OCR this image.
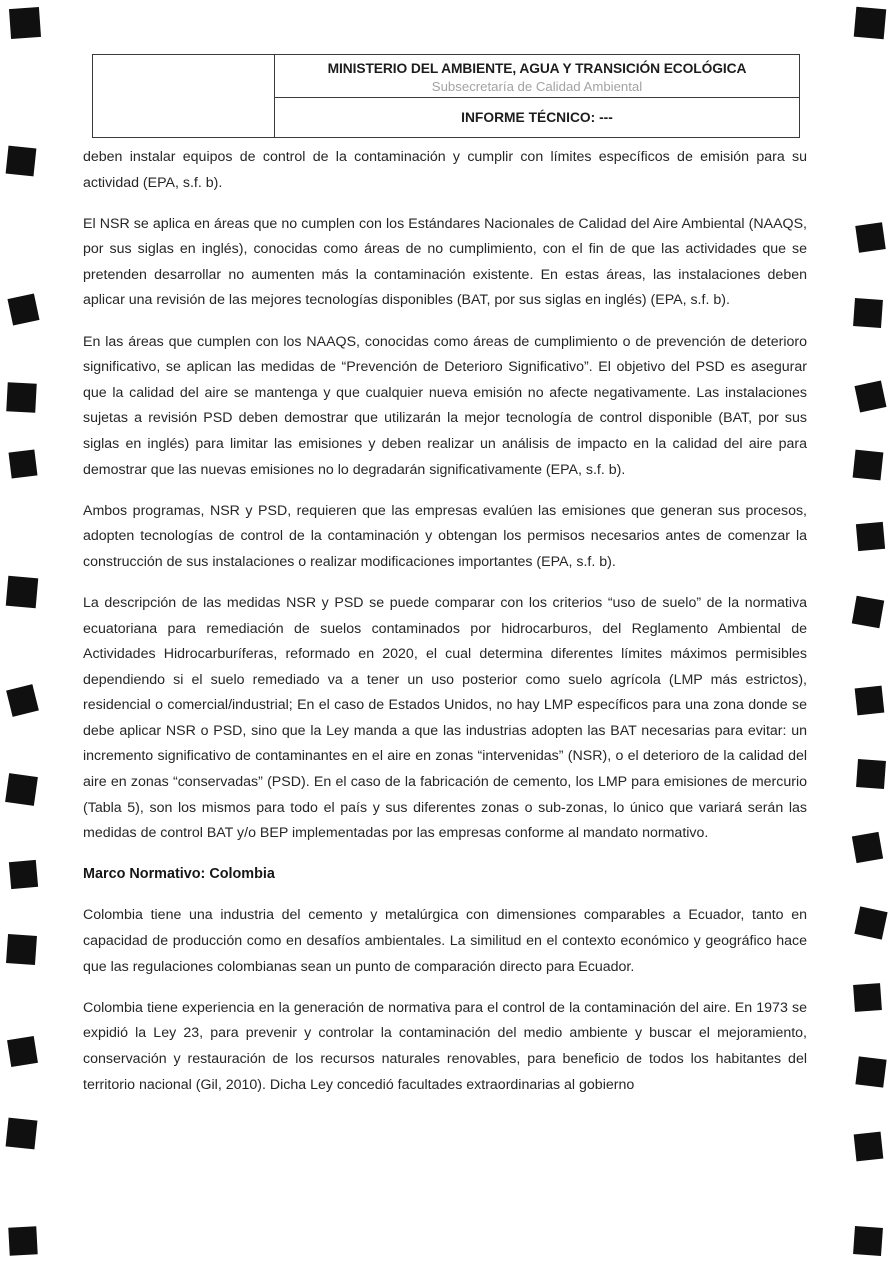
MINISTERIO DEL AMBIENTE, AGUA Y TRANSICIÓN ECOLÓGICA
Subsecretaría de Calidad Ambiental
INFORME TÉCNICO: ---

deben instalar equipos de control de la contaminación y cumplir con límites específicos de emisión para su actividad (EPA, s.f. b).

El NSR se aplica en áreas que no cumplen con los Estándares Nacionales de Calidad del Aire Ambiental (NAAQS, por sus siglas en inglés), conocidas como áreas de no cumplimiento, con el fin de que las actividades que se pretenden desarrollar no aumenten más la contaminación existente. En estas áreas, las instalaciones deben aplicar una revisión de las mejores tecnologías disponibles (BAT, por sus siglas en inglés) (EPA, s.f. b).

En las áreas que cumplen con los NAAQS, conocidas como áreas de cumplimiento o de prevención de deterioro significativo, se aplican las medidas de “Prevención de Deterioro Significativo”. El objetivo del PSD es asegurar que la calidad del aire se mantenga y que cualquier nueva emisión no afecte negativamente. Las instalaciones sujetas a revisión PSD deben demostrar que utilizarán la mejor tecnología de control disponible (BAT, por sus siglas en inglés) para limitar las emisiones y deben realizar un análisis de impacto en la calidad del aire para demostrar que las nuevas emisiones no lo degradarán significativamente (EPA, s.f. b).

Ambos programas, NSR y PSD, requieren que las empresas evalúen las emisiones que generan sus procesos, adopten tecnologías de control de la contaminación y obtengan los permisos necesarios antes de comenzar la construcción de sus instalaciones o realizar modificaciones importantes (EPA, s.f. b).

La descripción de las medidas NSR y PSD se puede comparar con los criterios “uso de suelo” de la normativa ecuatoriana para remediación de suelos contaminados por hidrocarburos, del Reglamento Ambiental de Actividades Hidrocarburíferas, reformado en 2020, el cual determina diferentes límites máximos permisibles dependiendo si el suelo remediado va a tener un uso posterior como suelo agrícola (LMP más estrictos), residencial o comercial/industrial; En el caso de Estados Unidos, no hay LMP específicos para una zona donde se debe aplicar NSR o PSD, sino que la Ley manda a que las industrias adopten las BAT necesarias para evitar: un incremento significativo de contaminantes en el aire en zonas “intervenidas” (NSR), o el deterioro de la calidad del aire en zonas “conservadas” (PSD). En el caso de la fabricación de cemento, los LMP para emisiones de mercurio (Tabla 5), son los mismos para todo el país y sus diferentes zonas o sub-zonas, lo único que variará serán las medidas de control BAT y/o BEP implementadas por las empresas conforme al mandato normativo.

Marco Normativo: Colombia

Colombia tiene una industria del cemento y metalúrgica con dimensiones comparables a Ecuador, tanto en capacidad de producción como en desafíos ambientales. La similitud en el contexto económico y geográfico hace que las regulaciones colombianas sean un punto de comparación directo para Ecuador.

Colombia tiene experiencia en la generación de normativa para el control de la contaminación del aire. En 1973 se expidió la Ley 23, para prevenir y controlar la contaminación del medio ambiente y buscar el mejoramiento, conservación y restauración de los recursos naturales renovables, para beneficio de todos los habitantes del territorio nacional (Gil, 2010). Dicha Ley concedió facultades extraordinarias al gobierno
